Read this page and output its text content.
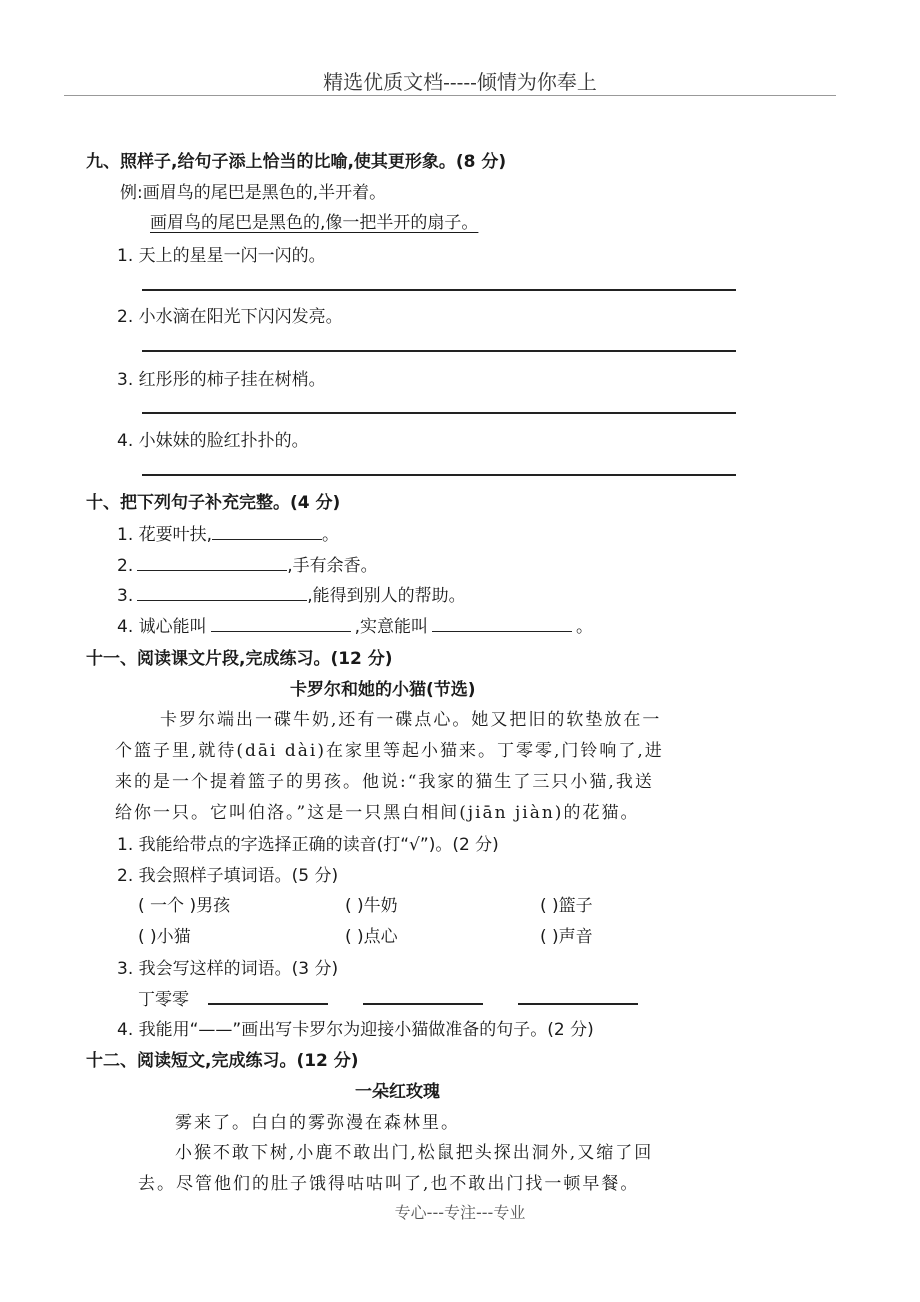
精选优质文档-----倾情为你奉上
九、照样子,给句子添上恰当的比喻,使其更形象。(8 分)
例:画眉鸟的尾巴是黑色的,半开着。
画眉鸟的尾巴是黑色的,像一把半开的扇子。
1. 天上的星星一闪一闪的。
2. 小水滴在阳光下闪闪发亮。
3. 红彤彤的柿子挂在树梢。
4. 小妹妹的脸红扑扑的。
十、把下列句子补充完整。(4 分)
1. 花要叶扶,	。
2.	,手有余香。
3.	,能得到别人的帮助。
4. 诚心能叫	,实意能叫	。
十一、阅读课文片段,完成练习。(12 分)
卡罗尔和她的小猫(节选)
卡罗尔端出一碟牛奶,还有一碟点心。她又把旧的软垫放在一
个篮子里,就待(dāi dài)在家里等起小猫来。丁零零,门铃响了,进
来的是一个提着篮子的男孩。他说:“我家的猫生了三只小猫,我送
给你一只。它叫伯洛。”这是一只黑白相间(jiān jiàn)的花猫。
1. 我能给带点的字选择正确的读音(打“√”)。(2 分)
2. 我会照样子填词语。(5 分)
( 一个 )男孩	( )牛奶	( )篮子
( )小猫	( )点心	( )声音
3. 我会写这样的词语。(3 分)
丁零零
4. 我能用“——”画出写卡罗尔为迎接小猫做准备的句子。(2 分)
十二、阅读短文,完成练习。(12 分)
一朵红玫瑰
雾来了。白白的雾弥漫在森林里。
小猴不敢下树,小鹿不敢出门,松鼠把头探出洞外,又缩了回
去。尽管他们的肚子饿得咕咕叫了,也不敢出门找一顿早餐。
专心---专注---专业
